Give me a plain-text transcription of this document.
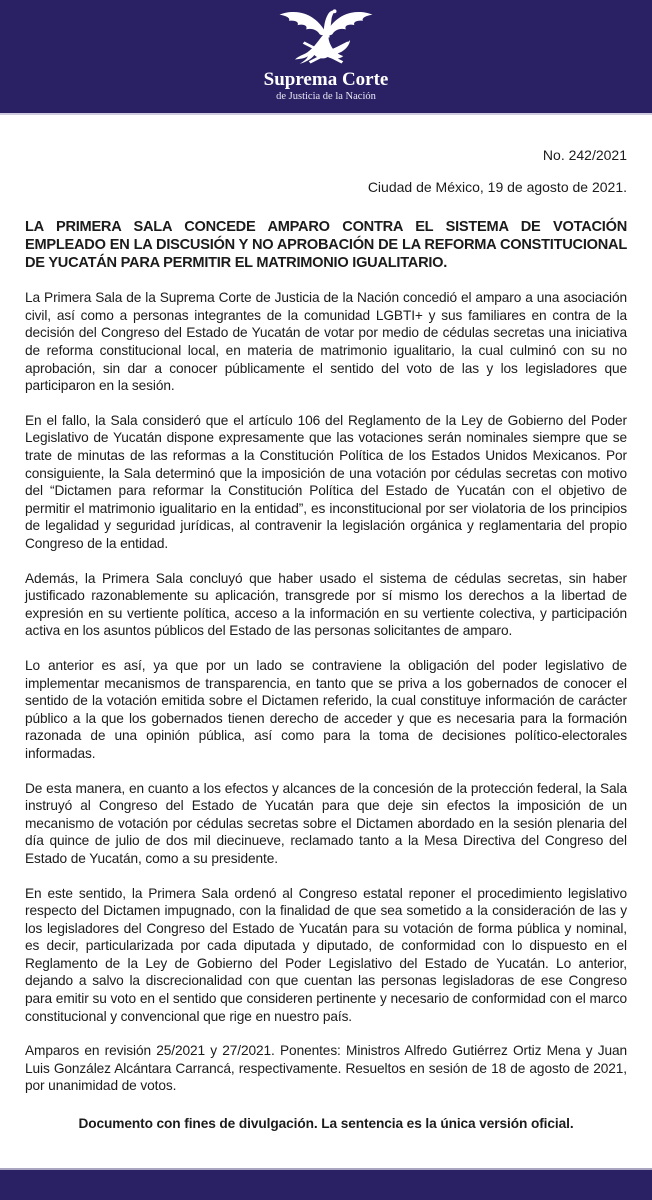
Suprema Corte
de Justicia de la Nación

No. 242/2021

Ciudad de México, 19 de agosto de 2021.

LA PRIMERA SALA CONCEDE AMPARO CONTRA EL SISTEMA DE VOTACIÓN EMPLEADO EN LA DISCUSIÓN Y NO APROBACIÓN DE LA REFORMA CONSTITUCIONAL DE YUCATÁN PARA PERMITIR EL MATRIMONIO IGUALITARIO.

La Primera Sala de la Suprema Corte de Justicia de la Nación concedió el amparo a una asociación civil, así como a personas integrantes de la comunidad LGBTI+ y sus familiares en contra de la decisión del Congreso del Estado de Yucatán de votar por medio de cédulas secretas una iniciativa de reforma constitucional local, en materia de matrimonio igualitario, la cual culminó con su no aprobación, sin dar a conocer públicamente el sentido del voto de las y los legisladores que participaron en la sesión.

En el fallo, la Sala consideró que el artículo 106 del Reglamento de la Ley de Gobierno del Poder Legislativo de Yucatán dispone expresamente que las votaciones serán nominales siempre que se trate de minutas de las reformas a la Constitución Política de los Estados Unidos Mexicanos. Por consiguiente, la Sala determinó que la imposición de una votación por cédulas secretas con motivo del “Dictamen para reformar la Constitución Política del Estado de Yucatán con el objetivo de permitir el matrimonio igualitario en la entidad”, es inconstitucional por ser violatoria de los principios de legalidad y seguridad jurídicas, al contravenir la legislación orgánica y reglamentaria del propio Congreso de la entidad.

Además, la Primera Sala concluyó que haber usado el sistema de cédulas secretas, sin haber justificado razonablemente su aplicación, transgrede por sí mismo los derechos a la libertad de expresión en su vertiente política, acceso a la información en su vertiente colectiva, y participación activa en los asuntos públicos del Estado de las personas solicitantes de amparo.

Lo anterior es así, ya que por un lado se contraviene la obligación del poder legislativo de implementar mecanismos de transparencia, en tanto que se priva a los gobernados de conocer el sentido de la votación emitida sobre el Dictamen referido, la cual constituye información de carácter público a la que los gobernados tienen derecho de acceder y que es necesaria para la formación razonada de una opinión pública, así como para la toma de decisiones político-electorales informadas.

De esta manera, en cuanto a los efectos y alcances de la concesión de la protección federal, la Sala instruyó al Congreso del Estado de Yucatán para que deje sin efectos la imposición de un mecanismo de votación por cédulas secretas sobre el Dictamen abordado en la sesión plenaria del día quince de julio de dos mil diecinueve, reclamado tanto a la Mesa Directiva del Congreso del Estado de Yucatán, como a su presidente.

En este sentido, la Primera Sala ordenó al Congreso estatal reponer el procedimiento legislativo respecto del Dictamen impugnado, con la finalidad de que sea sometido a la consideración de las y los legisladores del Congreso del Estado de Yucatán para su votación de forma pública y nominal, es decir, particularizada por cada diputada y diputado, de conformidad con lo dispuesto en el Reglamento de la Ley de Gobierno del Poder Legislativo del Estado de Yucatán. Lo anterior, dejando a salvo la discrecionalidad con que cuentan las personas legisladoras de ese Congreso para emitir su voto en el sentido que consideren pertinente y necesario de conformidad con el marco constitucional y convencional que rige en nuestro país.

Amparos en revisión 25/2021 y 27/2021. Ponentes: Ministros Alfredo Gutiérrez Ortiz Mena y Juan Luis González Alcántara Carrancá, respectivamente. Resueltos en sesión de 18 de agosto de 2021, por unanimidad de votos.

Documento con fines de divulgación. La sentencia es la única versión oficial.
